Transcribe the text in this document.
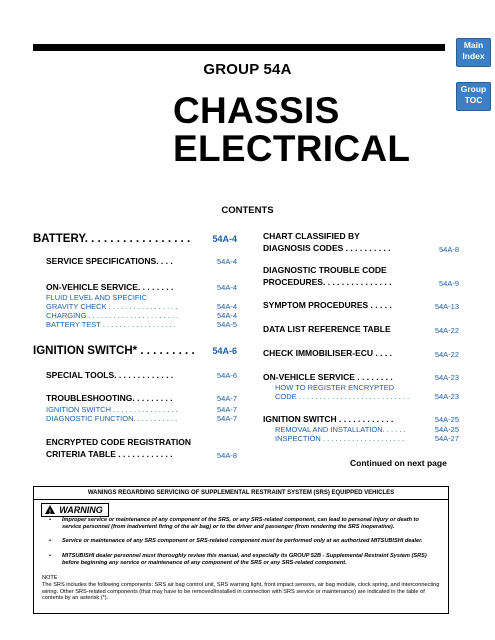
Main
Index
Group
TOC
GROUP 54A
CHASSIS
ELECTRICAL
CONTENTS
BATTERY. . . . . . . . . . . . . . . . .	54A-4
SERVICE SPECIFICATIONS. . . .	54A-4
ON-VEHICLE SERVICE. . . . . . . .	54A-4
FLUID LEVEL AND SPECIFIC
GRAVITY CHECK . . . . . . . . . . . . . . . . .	54A-4
CHARGING . . . . . . . . . . . . . . . . . . . . . .	54A-4
BATTERY TEST . . . . . . . . . . . . . . . . . .	54A-5
IGNITION SWITCH* . . . . . . . . .	54A-6
SPECIAL TOOLS. . . . . . . . . . . . .	54A-6
TROUBLESHOOTING. . . . . . . . .	54A-7
IGNITION SWITCH . . . . . . . . . . . . . . . .	54A-7
DIAGNOSTIC FUNCTION. . . . . . . . . . .	54A-7
ENCRYPTED CODE REGISTRATION
CRITERIA TABLE . . . . . . . . . . . .	54A-8
CHART CLASSIFIED BY
DIAGNOSIS CODES . . . . . . . . . .	54A-8
DIAGNOSTIC TROUBLE CODE
PROCEDURES. . . . . . . . . . . . . . .	54A-9
SYMPTOM PROCEDURES . . . . .	54A-13
DATA LIST REFERENCE TABLE	54A-22
CHECK IMMOBILISER-ECU . . . .	54A-22
ON-VEHICLE SERVICE . . . . . . . .	54A-23
HOW TO REGISTER ENCRYPTED
CODE . . . . . . . . . . . . . . . . . . . . . . . . . . .	54A-23
IGNITION SWITCH . . . . . . . . . . . .	54A-25
REMOVAL AND INSTALLATION. . . . . .	54A-25
INSPECTION . . . . . . . . . . . . . . . . . . . .	54A-27
Continued on next page
WANINGS REGARDING SERVICING OF SUPPLEMENTAL RESTRAINT SYSTEM (SRS) EQUIPPED VEHICLES
! WARNING
• Improper service or maintenance of any component of the SRS, or any SRS-related component, can lead to personal injury or death to service personnel (from inadvertent firing of the air bag) or to the driver and passenger (from rendering the SRS inoperative).
• Service or maintenance of any SRS component or SRS-related component must be performed only at an authorized MITSUBISHI dealer.
• MITSUBISHI dealer personnel must thoroughly review this manual, and especially its GROUP 52B - Supplemental Restraint System (SRS) before beginning any service or maintenance of any component of the SRS or any SRS-related component.
NOTE
The SRS includes the following components: SRS air bag control unit, SRS warning light, front impact sensors, air bag module, clock spring, and interconnecting wiring. Other SRS-related components (that may have to be removed/installed in connection with SRS service or maintenance) are indicated in the table of contents by an asterisk (*).
